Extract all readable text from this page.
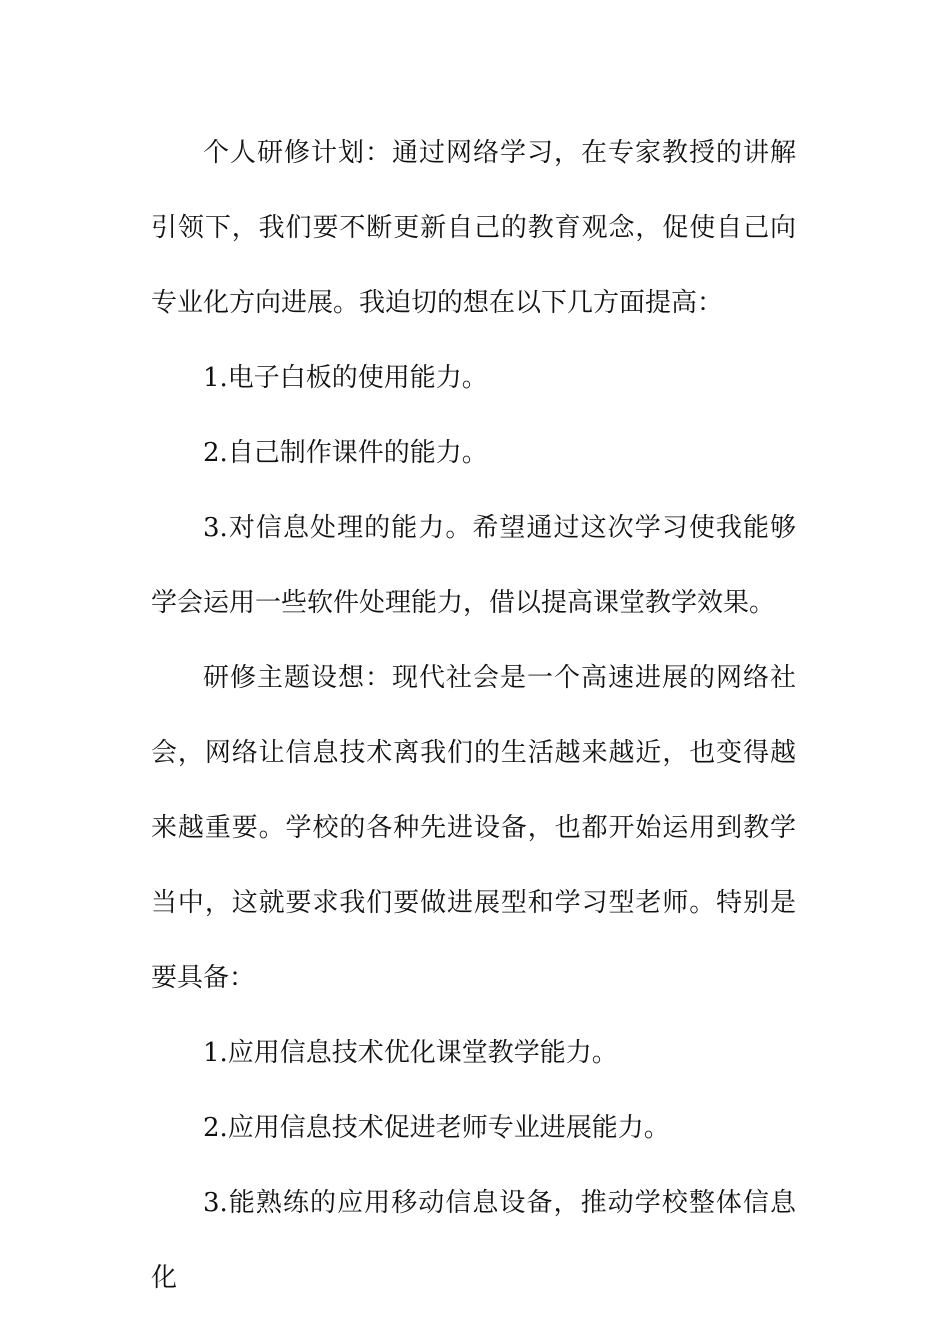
个人研修计划：通过网络学习，在专家教授的讲解引领下，我们要不断更新自己的教育观念，促使自己向专业化方向进展。我迫切的想在以下几方面提高：

1.电子白板的使用能力。

2.自己制作课件的能力。

3.对信息处理的能力。希望通过这次学习使我能够学会运用一些软件处理能力，借以提高课堂教学效果。

研修主题设想：现代社会是一个高速进展的网络社会，网络让信息技术离我们的生活越来越近，也变得越来越重要。学校的各种先进设备，也都开始运用到教学当中，这就要求我们要做进展型和学习型老师。特别是要具备：

1.应用信息技术优化课堂教学能力。

2.应用信息技术促进老师专业进展能力。

3.能熟练的应用移动信息设备，推动学校整体信息化
